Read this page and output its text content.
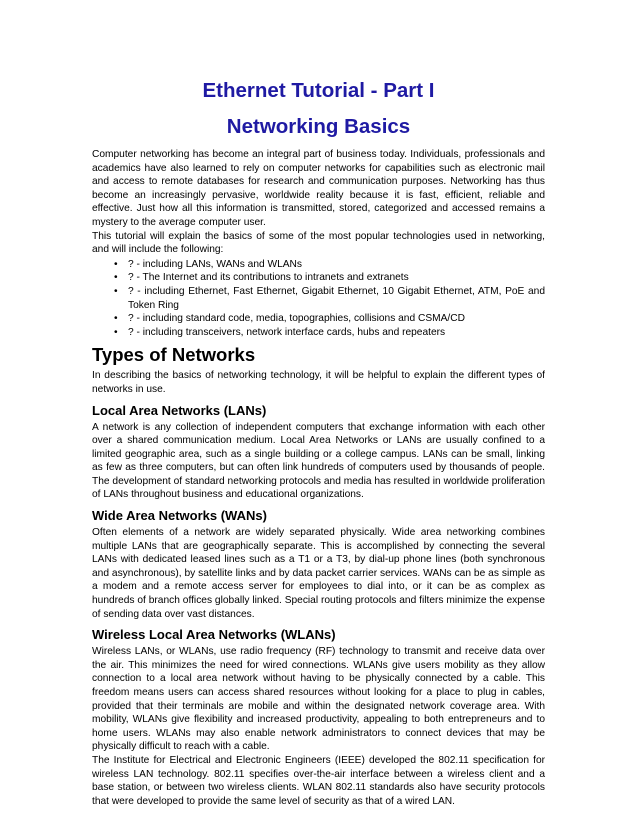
Ethernet Tutorial - Part I
Networking Basics

Computer networking has become an integral part of business today. Individuals, professionals and academics have also learned to rely on computer networks for capabilities such as electronic mail and access to remote databases for research and communication purposes. Networking has thus become an increasingly pervasive, worldwide reality because it is fast, efficient, reliable and effective. Just how all this information is transmitted, stored, categorized and accessed remains a mystery to the average computer user.

This tutorial will explain the basics of some of the most popular technologies used in networking, and will include the following:

• ? - including LANs, WANs and WLANs
• ? - The Internet and its contributions to intranets and extranets
• ? - including Ethernet, Fast Ethernet, Gigabit Ethernet, 10 Gigabit Ethernet, ATM, PoE and Token Ring
• ? - including standard code, media, topographies, collisions and CSMA/CD
• ? - including transceivers, network interface cards, hubs and repeaters
Types of Networks

In describing the basics of networking technology, it will be helpful to explain the different types of networks in use.

Local Area Networks (LANs)

A network is any collection of independent computers that exchange information with each other over a shared communication medium. Local Area Networks or LANs are usually confined to a limited geographic area, such as a single building or a college campus. LANs can be small, linking as few as three computers, but can often link hundreds of computers used by thousands of people. The development of standard networking protocols and media has resulted in worldwide proliferation of LANs throughout business and educational organizations.

Wide Area Networks (WANs)

Often elements of a network are widely separated physically. Wide area networking combines multiple LANs that are geographically separate. This is accomplished by connecting the several LANs with dedicated leased lines such as a T1 or a T3, by dial-up phone lines (both synchronous and asynchronous), by satellite links and by data packet carrier services. WANs can be as simple as a modem and a remote access server for employees to dial into, or it can be as complex as hundreds of branch offices globally linked. Special routing protocols and filters minimize the expense of sending data over vast distances.

Wireless Local Area Networks (WLANs)

Wireless LANs, or WLANs, use radio frequency (RF) technology to transmit and receive data over the air. This minimizes the need for wired connections. WLANs give users mobility as they allow connection to a local area network without having to be physically connected by a cable. This freedom means users can access shared resources without looking for a place to plug in cables, provided that their terminals are mobile and within the designated network coverage area. With mobility, WLANs give flexibility and increased productivity, appealing to both entrepreneurs and to home users. WLANs may also enable network administrators to connect devices that may be physically difficult to reach with a cable.

The Institute for Electrical and Electronic Engineers (IEEE) developed the 802.11 specification for wireless LAN technology. 802.11 specifies over-the-air interface between a wireless client and a base station, or between two wireless clients. WLAN 802.11 standards also have security protocols that were developed to provide the same level of security as that of a wired LAN.
